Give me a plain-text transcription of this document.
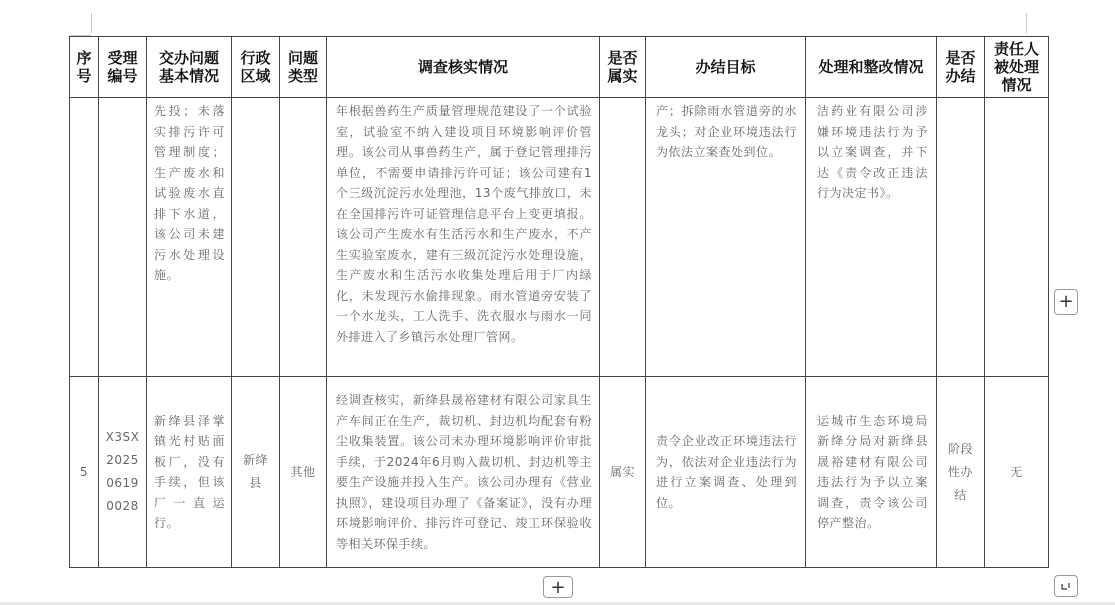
序号	受理编号	交办问题基本情况	行政区域	问题类型	调查核实情况	是否属实	办结目标	处理和整改情况	是否办结	责任人被处理情况

		先投；未落实排污许可管理制度；生产废水和试验废水直排下水道，该公司未建污水处理设施。			年根据兽药生产质量管理规范建设了一个试验室，试验室不纳入建设项目环境影响评价管理。该公司从事兽药生产，属于登记管理排污单位，不需要申请排污许可证；该公司建有1个三级沉淀污水处理池，13个废气排放口，未在全国排污许可证管理信息平台上变更填报。该公司产生废水有生活污水和生产废水，不产生实验室废水，建有三级沉淀污水处理设施，生产废水和生活污水收集处理后用于厂内绿化，未发现污水偷排现象。雨水管道旁安装了一个水龙头，工人洗手、洗衣服水与雨水一同外排进入了乡镇污水处理厂管网。		产；拆除雨水管道旁的水龙头；对企业环境违法行为依法立案查处到位。	洁药业有限公司涉嫌环境违法行为予以立案调查，并下达《责令改正违法行为决定书》。		

5	X3SX20250619​0028	新绛县泽掌镇光村贴面板厂，没有手续，但该厂一直运行。	新绛县	其他	经调查核实，新绛县晟裕建材有限公司家具生产车间正在生产，裁切机、封边机均配套有粉尘收集装置。该公司未办理环境影响评价审批手续，于2024年6月购入裁切机、封边机等主要生产设施并投入生产。该公司办理有《营业执照》，建设项目办理了《备案证》，没有办理环境影响评价、排污许可登记、竣工环保验收等相关环保手续。	属实	责令企业改正环境违法行为，依法对企业违法行为进行立案调查、处理到位。	运城市生态环境局新绛分局对新绛县晟裕建材有限公司违法行为予以立案调查，责令该公司停产整治。	阶段性办结	无
+
+
